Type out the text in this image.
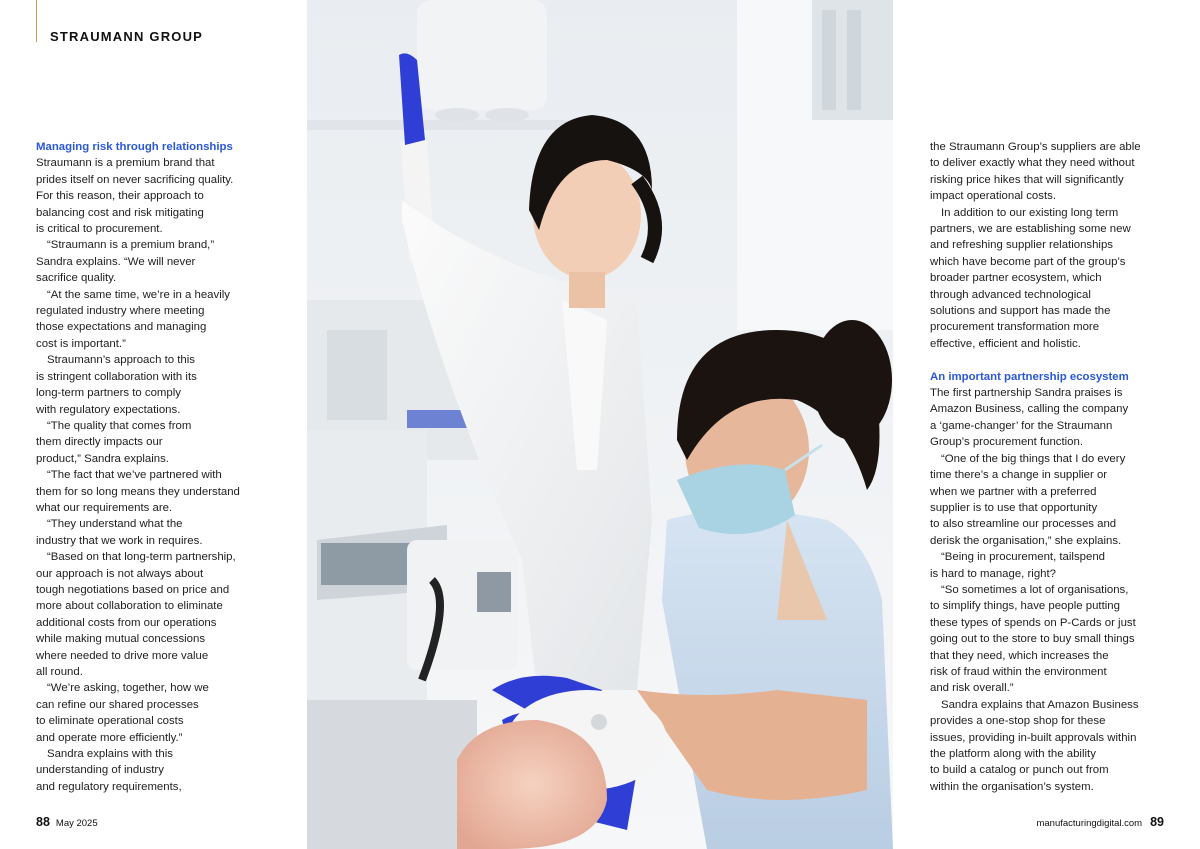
STRAUMANN GROUP
Managing risk through relationships

Straumann is a premium brand that
prides itself on never sacrificing quality.
For this reason, their approach to
balancing cost and risk mitigating
is critical to procurement.

“Straumann is a premium brand,”
Sandra explains. “We will never
sacrifice quality.

“At the same time, we’re in a heavily
regulated industry where meeting
those expectations and managing
cost is important.”

Straumann’s approach to this
is stringent collaboration with its
long-term partners to comply
with regulatory expectations.

“The quality that comes from
them directly impacts our
product,” Sandra explains.

“The fact that we’ve partnered with
them for so long means they understand
what our requirements are.

“They understand what the
industry that we work in requires.

“Based on that long-term partnership,
our approach is not always about
tough negotiations based on price and
more about collaboration to eliminate
additional costs from our operations
while making mutual concessions
where needed to drive more value
all round.

“We’re asking, together, how we
can refine our shared processes
to eliminate operational costs
and operate more efficiently.”

Sandra explains with this
understanding of industry
and regulatory requirements,

the Straumann Group’s suppliers are able
to deliver exactly what they need without
risking price hikes that will significantly
impact operational costs.

In addition to our existing long term
partners, we are establishing some new
and refreshing supplier relationships
which have become part of the group’s
broader partner ecosystem, which
through advanced technological
solutions and support has made the
procurement transformation more
effective, efficient and holistic.

An important partnership ecosystem

The first partnership Sandra praises is
Amazon Business, calling the company
a ‘game-changer’ for the Straumann
Group’s procurement function.

“One of the big things that I do every
time there’s a change in supplier or
when we partner with a preferred
supplier is to use that opportunity
to also streamline our processes and
derisk the organisation,” she explains.

“Being in procurement, tailspend
is hard to manage, right?

“So sometimes a lot of organisations,
to simplify things, have people putting
these types of spends on P-Cards or just
going out to the store to buy small things
that they need, which increases the
risk of fraud within the environment
and risk overall.”

Sandra explains that Amazon Business
provides a one-stop shop for these
issues, providing in-built approvals within
the platform along with the ability
to build a catalog or punch out from
within the organisation’s system.

88 May 2025	manufacturingdigital.com 89
